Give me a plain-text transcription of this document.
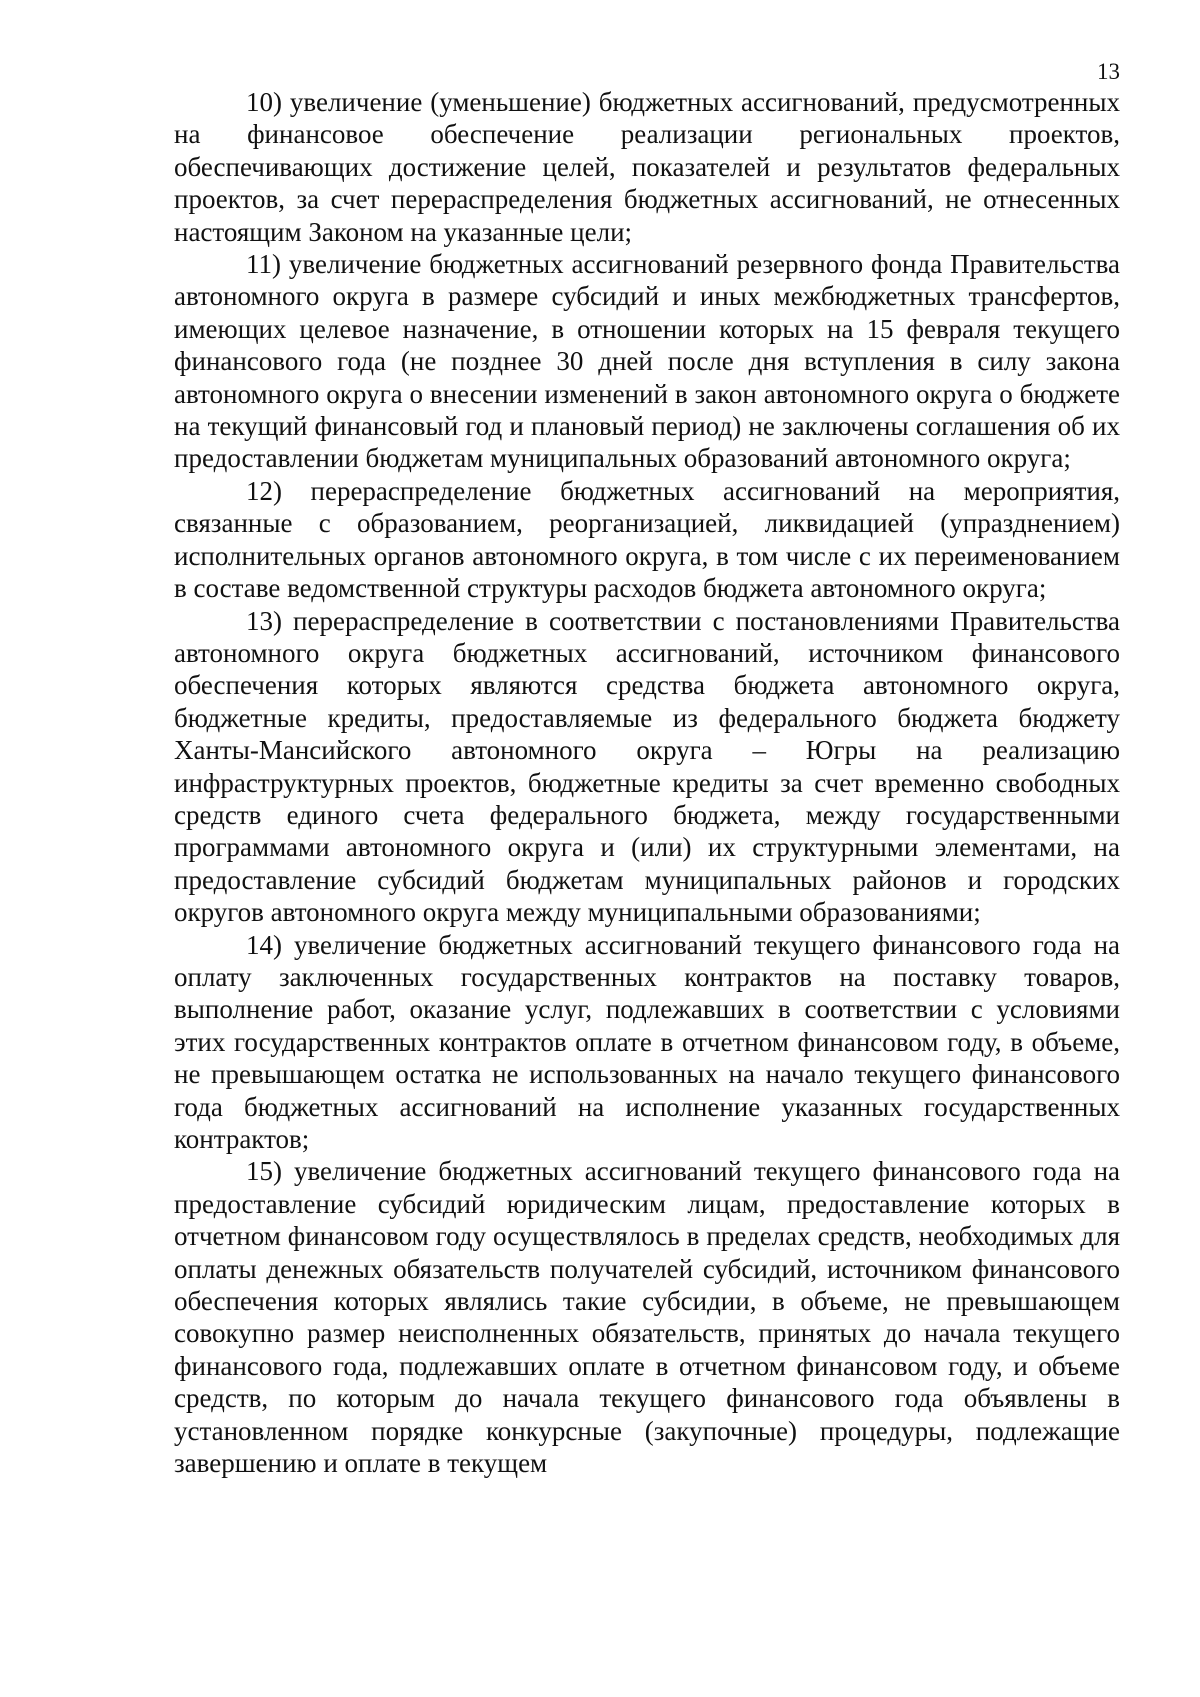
13

10) увеличение (уменьшение) бюджетных ассигнований, предусмотренных на финансовое обеспечение реализации региональных проектов, обеспечивающих достижение целей, показателей и результатов федеральных проектов, за счет перераспределения бюджетных ассигнований, не отнесенных настоящим Законом на указанные цели;

11) увеличение бюджетных ассигнований резервного фонда Правительства автономного округа в размере субсидий и иных межбюджетных трансфертов, имеющих целевое назначение, в отношении которых на 15 февраля текущего финансового года (не позднее 30 дней после дня вступления в силу закона автономного округа о внесении изменений в закон автономного округа о бюджете на текущий финансовый год и плановый период) не заключены соглашения об их предоставлении бюджетам муниципальных образований автономного округа;

12) перераспределение бюджетных ассигнований на мероприятия, связанные с образованием, реорганизацией, ликвидацией (упразднением) исполнительных органов автономного округа, в том числе с их переименованием в составе ведомственной структуры расходов бюджета автономного округа;

13) перераспределение в соответствии с постановлениями Правительства автономного округа бюджетных ассигнований, источником финансового обеспечения которых являются средства бюджета автономного округа, бюджетные кредиты, предоставляемые из федерального бюджета бюджету Ханты-Мансийского автономного округа – Югры на реализацию инфраструктурных проектов, бюджетные кредиты за счет временно свободных средств единого счета федерального бюджета, между государственными программами автономного округа и (или) их структурными элементами, на предоставление субсидий бюджетам муниципальных районов и городских округов автономного округа между муниципальными образованиями;

14) увеличение бюджетных ассигнований текущего финансового года на оплату заключенных государственных контрактов на поставку товаров, выполнение работ, оказание услуг, подлежавших в соответствии с условиями этих государственных контрактов оплате в отчетном финансовом году, в объеме, не превышающем остатка не использованных на начало текущего финансового года бюджетных ассигнований на исполнение указанных государственных контрактов;

15) увеличение бюджетных ассигнований текущего финансового года на предоставление субсидий юридическим лицам, предоставление которых в отчетном финансовом году осуществлялось в пределах средств, необходимых для оплаты денежных обязательств получателей субсидий, источником финансового обеспечения которых являлись такие субсидии, в объеме, не превышающем совокупно размер неисполненных обязательств, принятых до начала текущего финансового года, подлежавших оплате в отчетном финансовом году, и объеме средств, по которым до начала текущего финансового года объявлены в установленном порядке конкурсные (закупочные) процедуры, подлежащие завершению и оплате в текущем
